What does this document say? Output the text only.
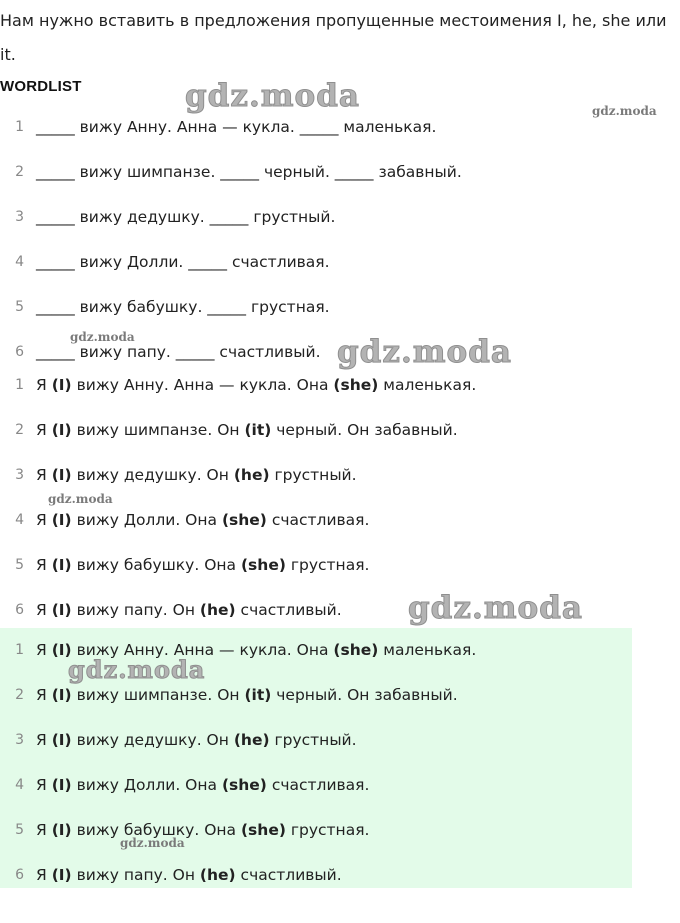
Нам нужно вставить в предложения пропущенные местоимения I, he, she или it.
WORDLIST
1 _____ вижу Анну. Анна — кукла. _____ маленькая.
2 _____ вижу шимпанзе. _____ черный. _____ забавный.
3 _____ вижу дедушку. _____ грустный.
4 _____ вижу Долли. _____ счастливая.
5 _____ вижу бабушку. _____ грустная.
6 _____ вижу папу. _____ счастливый.
1 Я (I) вижу Анну. Анна — кукла. Она (she) маленькая.
2 Я (I) вижу шимпанзе. Он (it) черный. Он забавный.
3 Я (I) вижу дедушку. Он (he) грустный.
4 Я (I) вижу Долли. Она (she) счастливая.
5 Я (I) вижу бабушку. Она (she) грустная.
6 Я (I) вижу папу. Он (he) счастливый.
1 Я (I) вижу Анну. Анна — кукла. Она (she) маленькая.
2 Я (I) вижу шимпанзе. Он (it) черный. Он забавный.
3 Я (I) вижу дедушку. Он (he) грустный.
4 Я (I) вижу Долли. Она (she) счастливая.
5 Я (I) вижу бабушку. Она (she) грустная.
6 Я (I) вижу папу. Он (he) счастливый.
gdz.moda	gdz.moda
gdz.moda	gdz.moda
gdz.moda
gdz.moda
gdz.moda
gdz.moda
